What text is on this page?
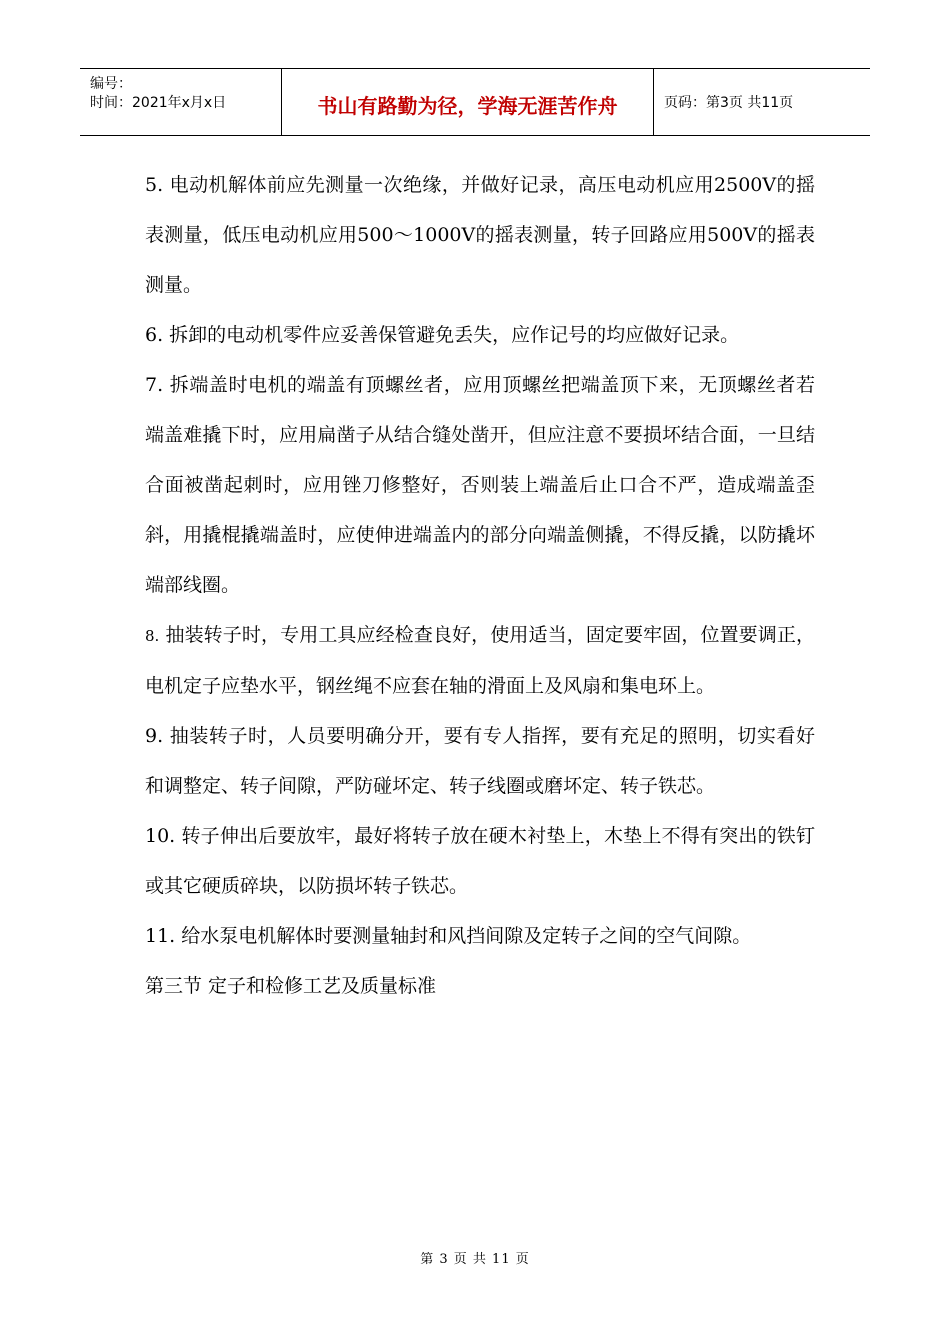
编号：
时间：2021年x月x日	书山有路勤为径，学海无涯苦作舟	页码：第3页 共11页

5. 电动机解体前应先测量一次绝缘，并做好记录，高压电动机应用2500V的摇表测量，低压电动机应用500～1000V的摇表测量，转子回路应用500V的摇表测量。

6. 拆卸的电动机零件应妥善保管避免丢失，应作记号的均应做好记录。

7. 拆端盖时电机的端盖有顶螺丝者，应用顶螺丝把端盖顶下来，无顶螺丝者若端盖难撬下时，应用扁凿子从结合缝处凿开，但应注意不要损坏结合面，一旦结合面被凿起刺时，应用锉刀修整好，否则装上端盖后止口合不严，造成端盖歪斜，用撬棍撬端盖时，应使伸进端盖内的部分向端盖侧撬，不得反撬，以防撬坏端部线圈。

8. 抽装转子时，专用工具应经检查良好，使用适当，固定要牢固，位置要调正，电机定子应垫水平，钢丝绳不应套在轴的滑面上及风扇和集电环上。

9. 抽装转子时，人员要明确分开，要有专人指挥，要有充足的照明，切实看好和调整定、转子间隙，严防碰坏定、转子线圈或磨坏定、转子铁芯。

10. 转子伸出后要放牢，最好将转子放在硬木衬垫上，木垫上不得有突出的铁钉或其它硬质碎块，以防损坏转子铁芯。

11. 给水泵电机解体时要测量轴封和风挡间隙及定转子之间的空气间隙。

第三节 定子和检修工艺及质量标准

第 3 页 共 11 页
